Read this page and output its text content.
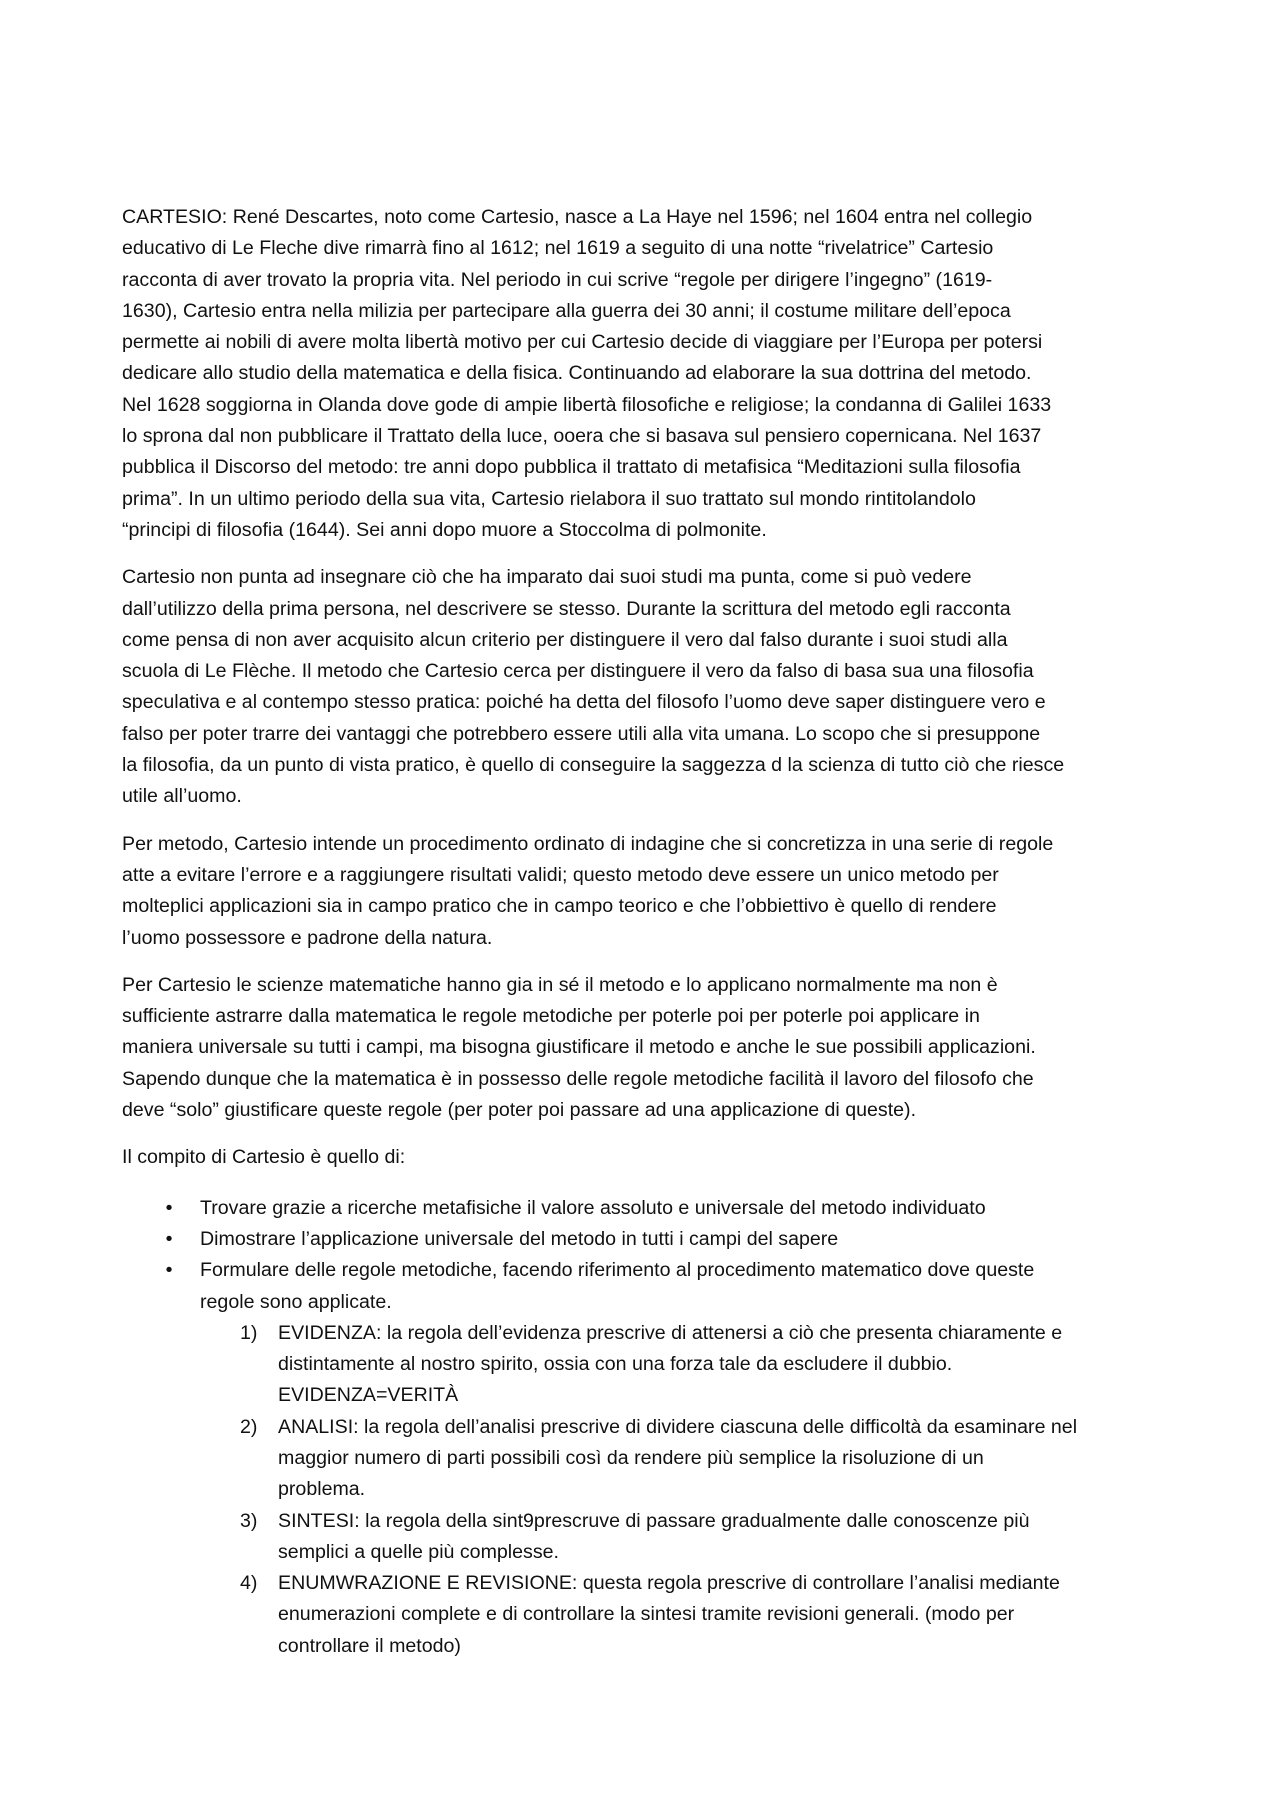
CARTESIO: René Descartes, noto come Cartesio, nasce a La Haye nel 1596; nel 1604 entra nel collegio
educativo di Le Fleche dive rimarrà fino al 1612; nel 1619 a seguito di una notte “rivelatrice” Cartesio
racconta di aver trovato la propria vita. Nel periodo in cui scrive “regole per dirigere l’ingegno” (1619-
1630), Cartesio entra nella milizia per partecipare alla guerra dei 30 anni; il costume militare dell’epoca
permette ai nobili di avere molta libertà motivo per cui Cartesio decide di viaggiare per l’Europa per potersi
dedicare allo studio della matematica e della fisica. Continuando ad elaborare la sua dottrina del metodo.
Nel 1628 soggiorna in Olanda dove gode di ampie libertà filosofiche e religiose; la condanna di Galilei 1633
lo sprona dal non pubblicare il Trattato della luce, ooera che si basava sul pensiero copernicana. Nel 1637
pubblica il Discorso del metodo: tre anni dopo pubblica il trattato di metafisica “Meditazioni sulla filosofia
prima”. In un ultimo periodo della sua vita, Cartesio rielabora il suo trattato sul mondo rintitolandolo
“principi di filosofia (1644). Sei anni dopo muore a Stoccolma di polmonite.
Cartesio non punta ad insegnare ciò che ha imparato dai suoi studi ma punta, come si può vedere
dall’utilizzo della prima persona, nel descrivere se stesso. Durante la scrittura del metodo egli racconta
come pensa di non aver acquisito alcun criterio per distinguere il vero dal falso durante i suoi studi alla
scuola di Le Flèche. Il metodo che Cartesio cerca per distinguere il vero da falso di basa sua una filosofia
speculativa e al contempo stesso pratica: poiché ha detta del filosofo l’uomo deve saper distinguere vero e
falso per poter trarre dei vantaggi che potrebbero essere utili alla vita umana. Lo scopo che si presuppone
la filosofia, da un punto di vista pratico, è quello di conseguire la saggezza d la scienza di tutto ciò che riesce
utile all’uomo.
Per metodo, Cartesio intende un procedimento ordinato di indagine che si concretizza in una serie di regole
atte a evitare l’errore e a raggiungere risultati validi; questo metodo deve essere un unico metodo per
molteplici applicazioni sia in campo pratico che in campo teorico e che l’obbiettivo è quello di rendere
l’uomo possessore e padrone della natura.
Per Cartesio le scienze matematiche hanno gia in sé il metodo e lo applicano normalmente ma non è
sufficiente astrarre dalla matematica le regole metodiche per poterle poi per poterle poi applicare in
maniera universale su tutti i campi, ma bisogna giustificare il metodo e anche le sue possibili applicazioni.
Sapendo dunque che la matematica è in possesso delle regole metodiche facilità il lavoro del filosofo che
deve “solo” giustificare queste regole (per poter poi passare ad una applicazione di queste).
Il compito di Cartesio è quello di:
• Trovare grazie a ricerche metafisiche il valore assoluto e universale del metodo individuato
• Dimostrare l’applicazione universale del metodo in tutti i campi del sapere
• Formulare delle regole metodiche, facendo riferimento al procedimento matematico dove queste
regole sono applicate.
1)	EVIDENZA: la regola dell’evidenza prescrive di attenersi a ciò che presenta chiaramente e
distintamente al nostro spirito, ossia con una forza tale da escludere il dubbio.
EVIDENZA=VERITÀ
2)	ANALISI: la regola dell’analisi prescrive di dividere ciascuna delle difficoltà da esaminare nel
maggior numero di parti possibili così da rendere più semplice la risoluzione di un
problema.
3)	SINTESI: la regola della sint9prescruve di passare gradualmente dalle conoscenze più
semplici a quelle più complesse.
4)	ENUMWRAZIONE E REVISIONE: questa regola prescrive di controllare l’analisi mediante
enumerazioni complete e di controllare la sintesi tramite revisioni generali. (modo per
controllare il metodo)
